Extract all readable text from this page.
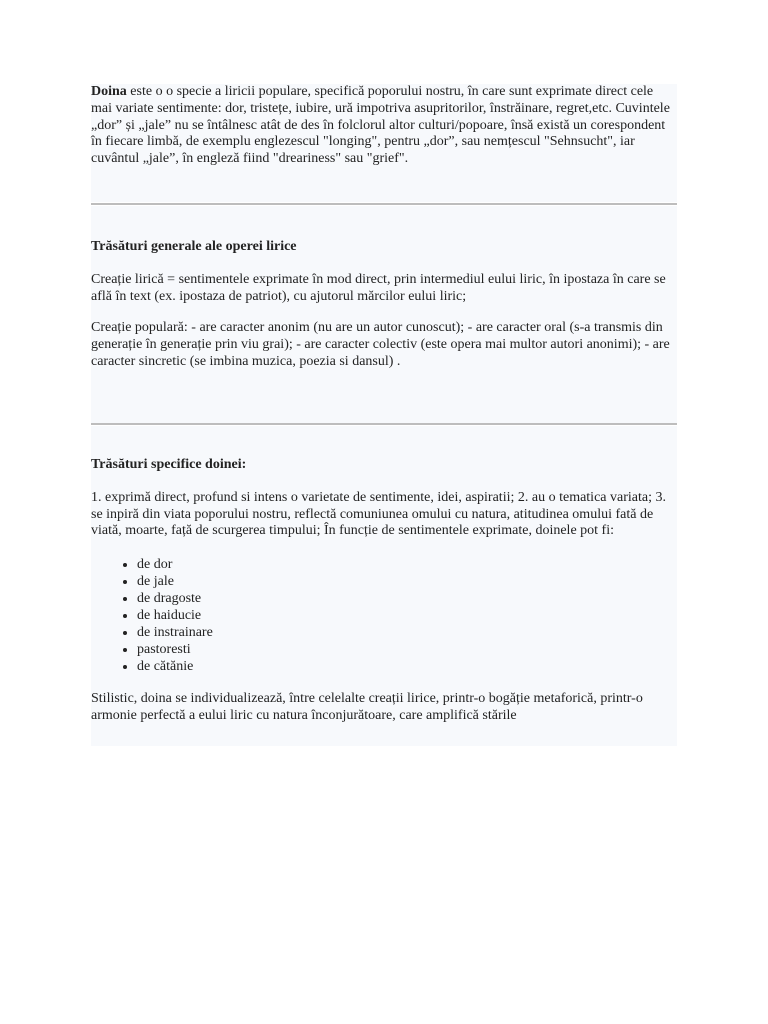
Doina este o o specie a liricii populare, specifică poporului nostru, în care sunt exprimate direct cele mai variate sentimente: dor, tristețe, iubire, ură impotriva asupritorilor, înstrăinare, regret,etc. Cuvintele „dor” și „jale” nu se întâlnesc atât de des în folclorul altor culturi/popoare, însă există un corespondent în fiecare limbă, de exemplu englezescul "longing", pentru „dor”, sau nemțescul "Sehnsucht", iar cuvântul „jale”, în engleză fiind "dreariness" sau "grief".

Trăsături generale ale operei lirice

Creație lirică = sentimentele exprimate în mod direct, prin intermediul eului liric, în ipostaza în care se află în text (ex. ipostaza de patriot), cu ajutorul mărcilor eului liric;

Creație populară: - are caracter anonim (nu are un autor cunoscut); - are caracter oral (s-a transmis din generație în generație prin viu grai); - are caracter colectiv (este opera mai multor autori anonimi); - are caracter sincretic (se imbina muzica, poezia si dansul) .

Trăsături specifice doinei:

1. exprimă direct, profund si intens o varietate de sentimente, idei, aspiratii; 2. au o tematica variata; 3. se inpiră din viata poporului nostru, reflectă comuniunea omului cu natura, atitudinea omului fată de viată, moarte, față de scurgerea timpului; În funcție de sentimentele exprimate, doinele pot fi:

• de dor
• de jale
• de dragoste
• de haiducie
• de instrainare
• pastoresti
• de cătănie

Stilistic, doina se individualizează, între celelalte creații lirice, printr-o bogăție metaforică, printr-o armonie perfectă a eului liric cu natura înconjurătoare, care amplifică stările
